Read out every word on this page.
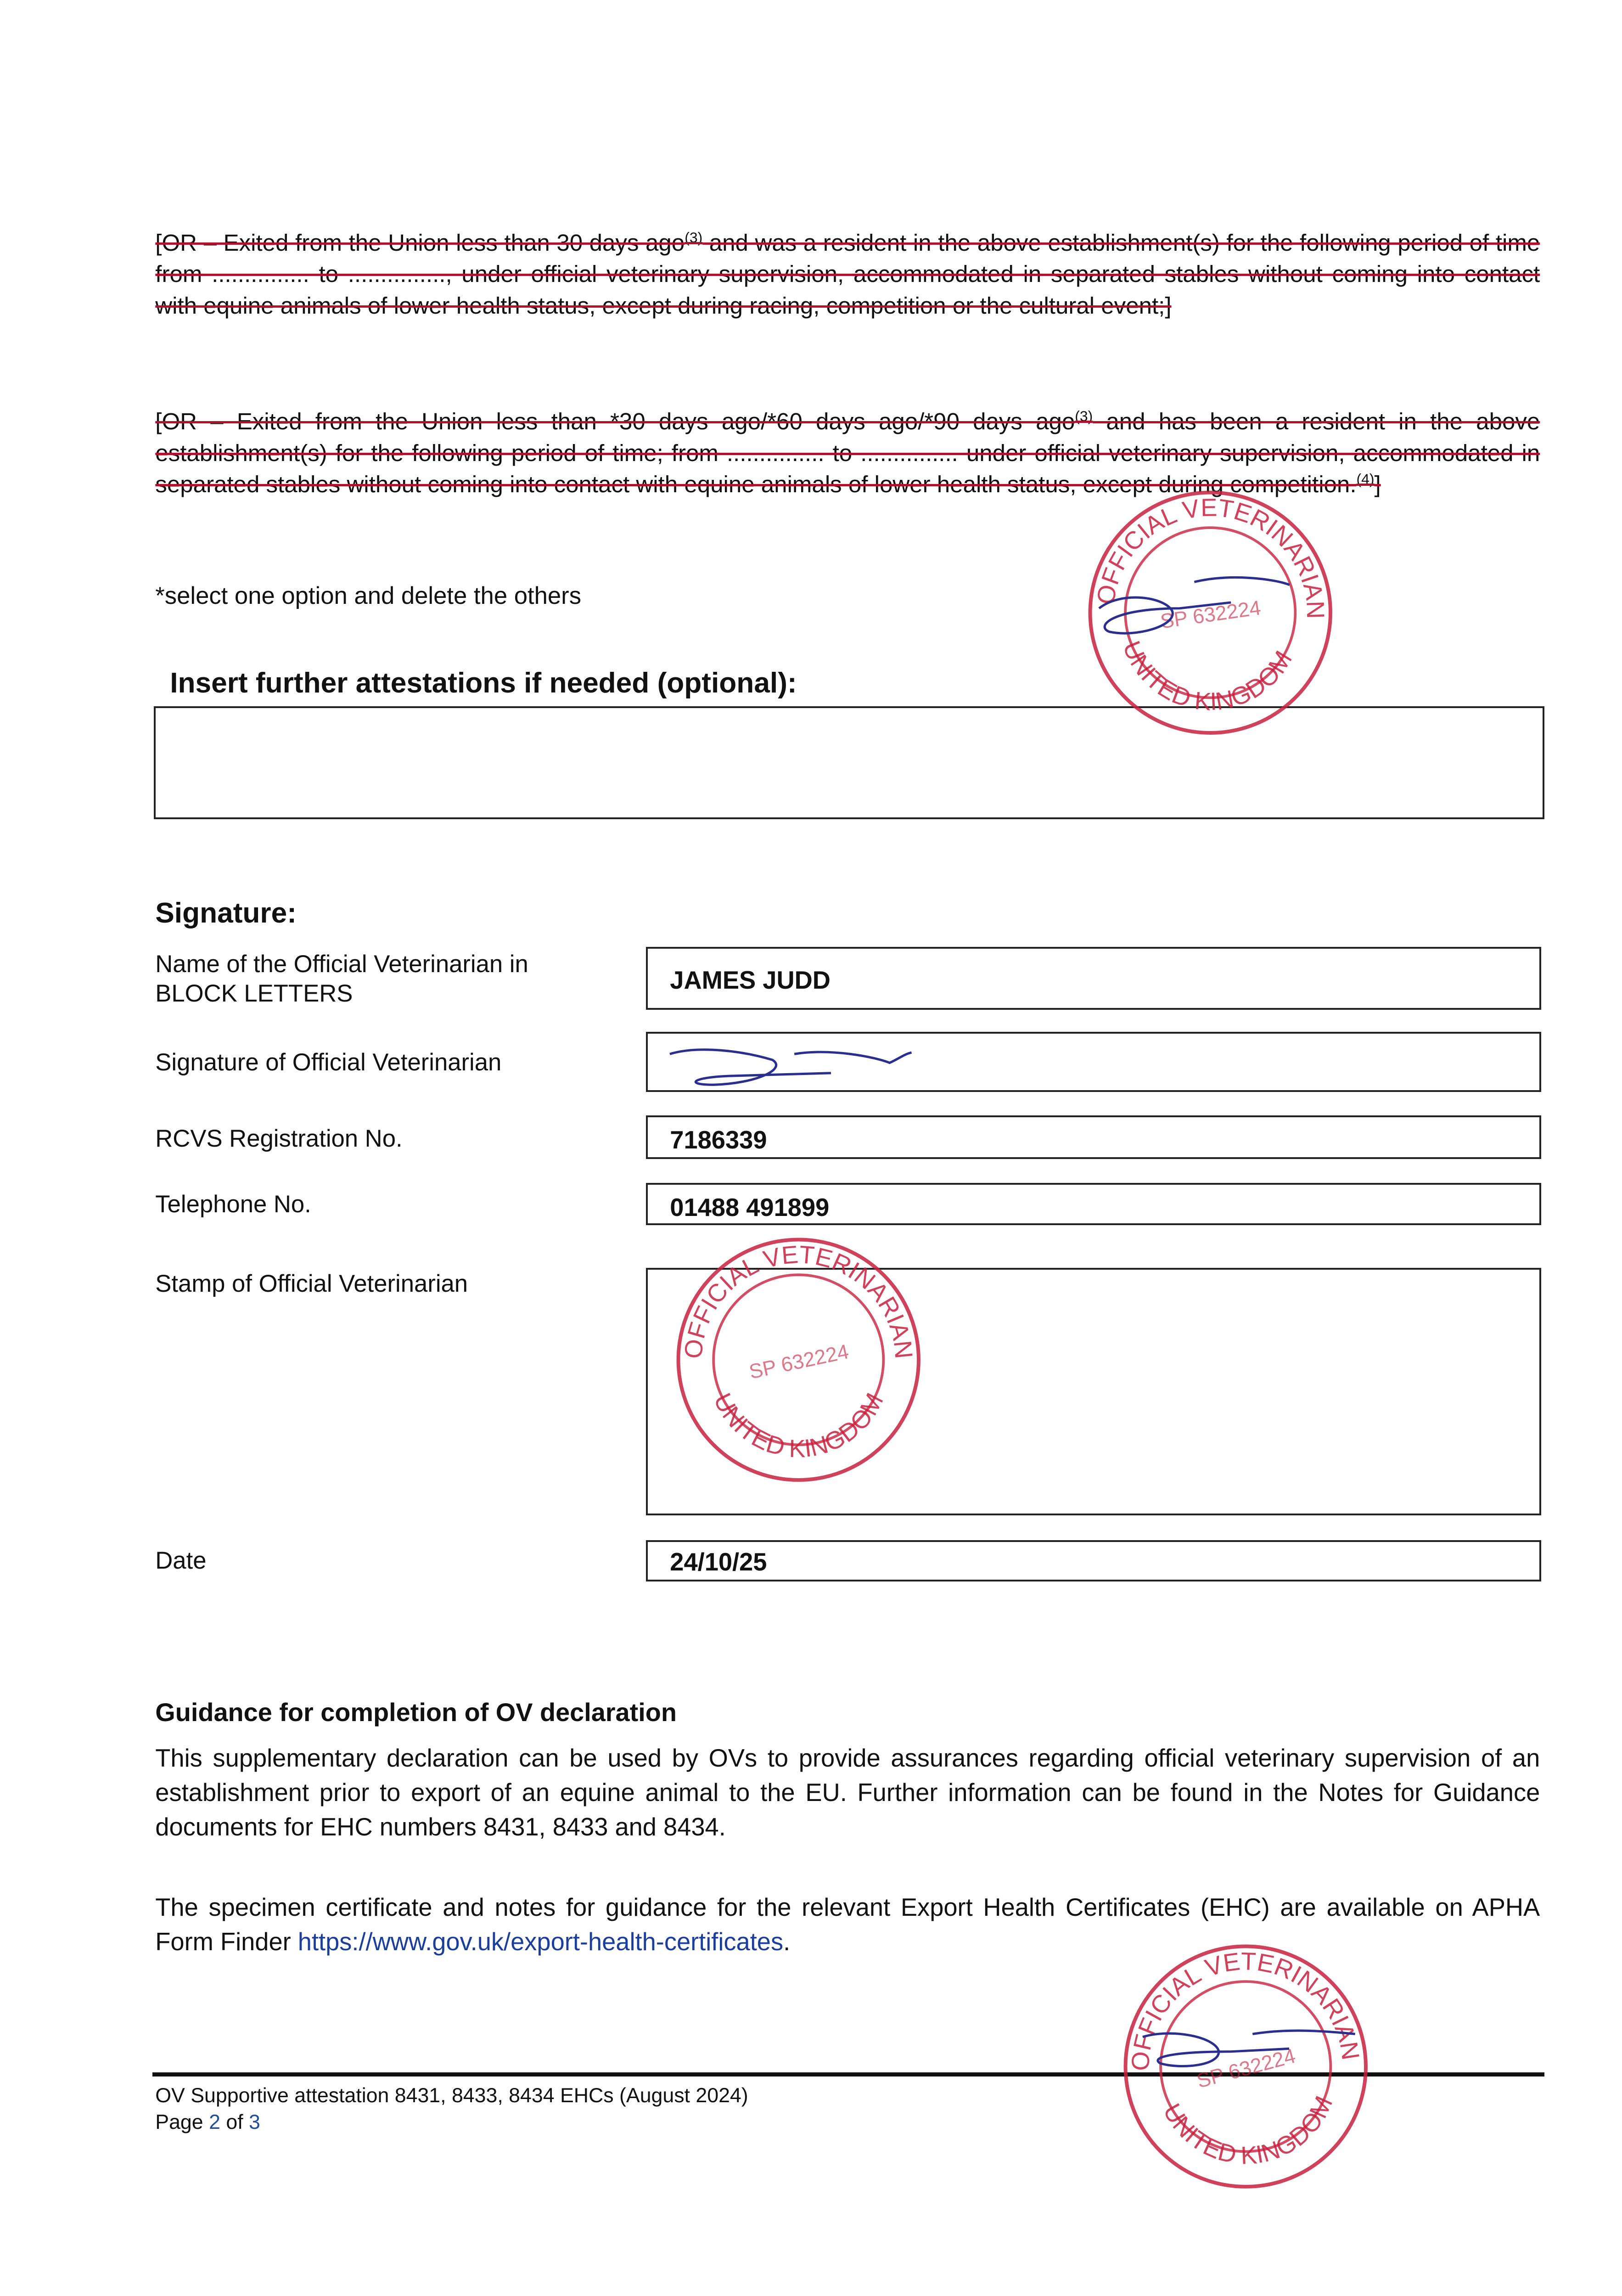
[OR – Exited from the Union less than 30 days ago$^{(3)}$ and was a resident in the above establishment(s) for the following period of time from ............... to ..............., under official veterinary supervision, accommodated in separated stables without coming into contact with equine animals of lower health status, except during racing, competition or the cultural event;]
[OR – Exited from the Union less than *30 days ago/*60 days ago/*90 days ago$^{(3)}$ and has been a resident in the above establishment(s) for the following period of time; from ............... to ............... under official veterinary supervision, accommodated in separated stables without coming into contact with equine animals of lower health status, except during competition.$^{(4)}$]
*select one option and delete the others
Insert further attestations if needed (optional):
Signature:
Name of the Official Veterinarian in BLOCK LETTERS	JAMES JUDD
Signature of Official Veterinarian
RCVS Registration No.	7186339
Telephone No.	01488 491899
Stamp of Official Veterinarian
Date	24/10/25
Guidance for completion of OV declaration
This supplementary declaration can be used by OVs to provide assurances regarding official veterinary supervision of an establishment prior to export of an equine animal to the EU. Further information can be found in the Notes for Guidance documents for EHC numbers 8431, 8433 and 8434.
The specimen certificate and notes for guidance for the relevant Export Health Certificates (EHC) are available on APHA Form Finder https://www.gov.uk/export-health-certificates.
OV Supportive attestation 8431, 8433, 8434 EHCs (August 2024)
Page 2 of 3
OFFICIAL VETERINARIAN
UNITED KINGDOM
SP 632224
OFFICIAL VETERINARIAN
UNITED KINGDOM
SP 632224
OFFICIAL VETERINARIAN
UNITED KINGDOM
SP 632224
